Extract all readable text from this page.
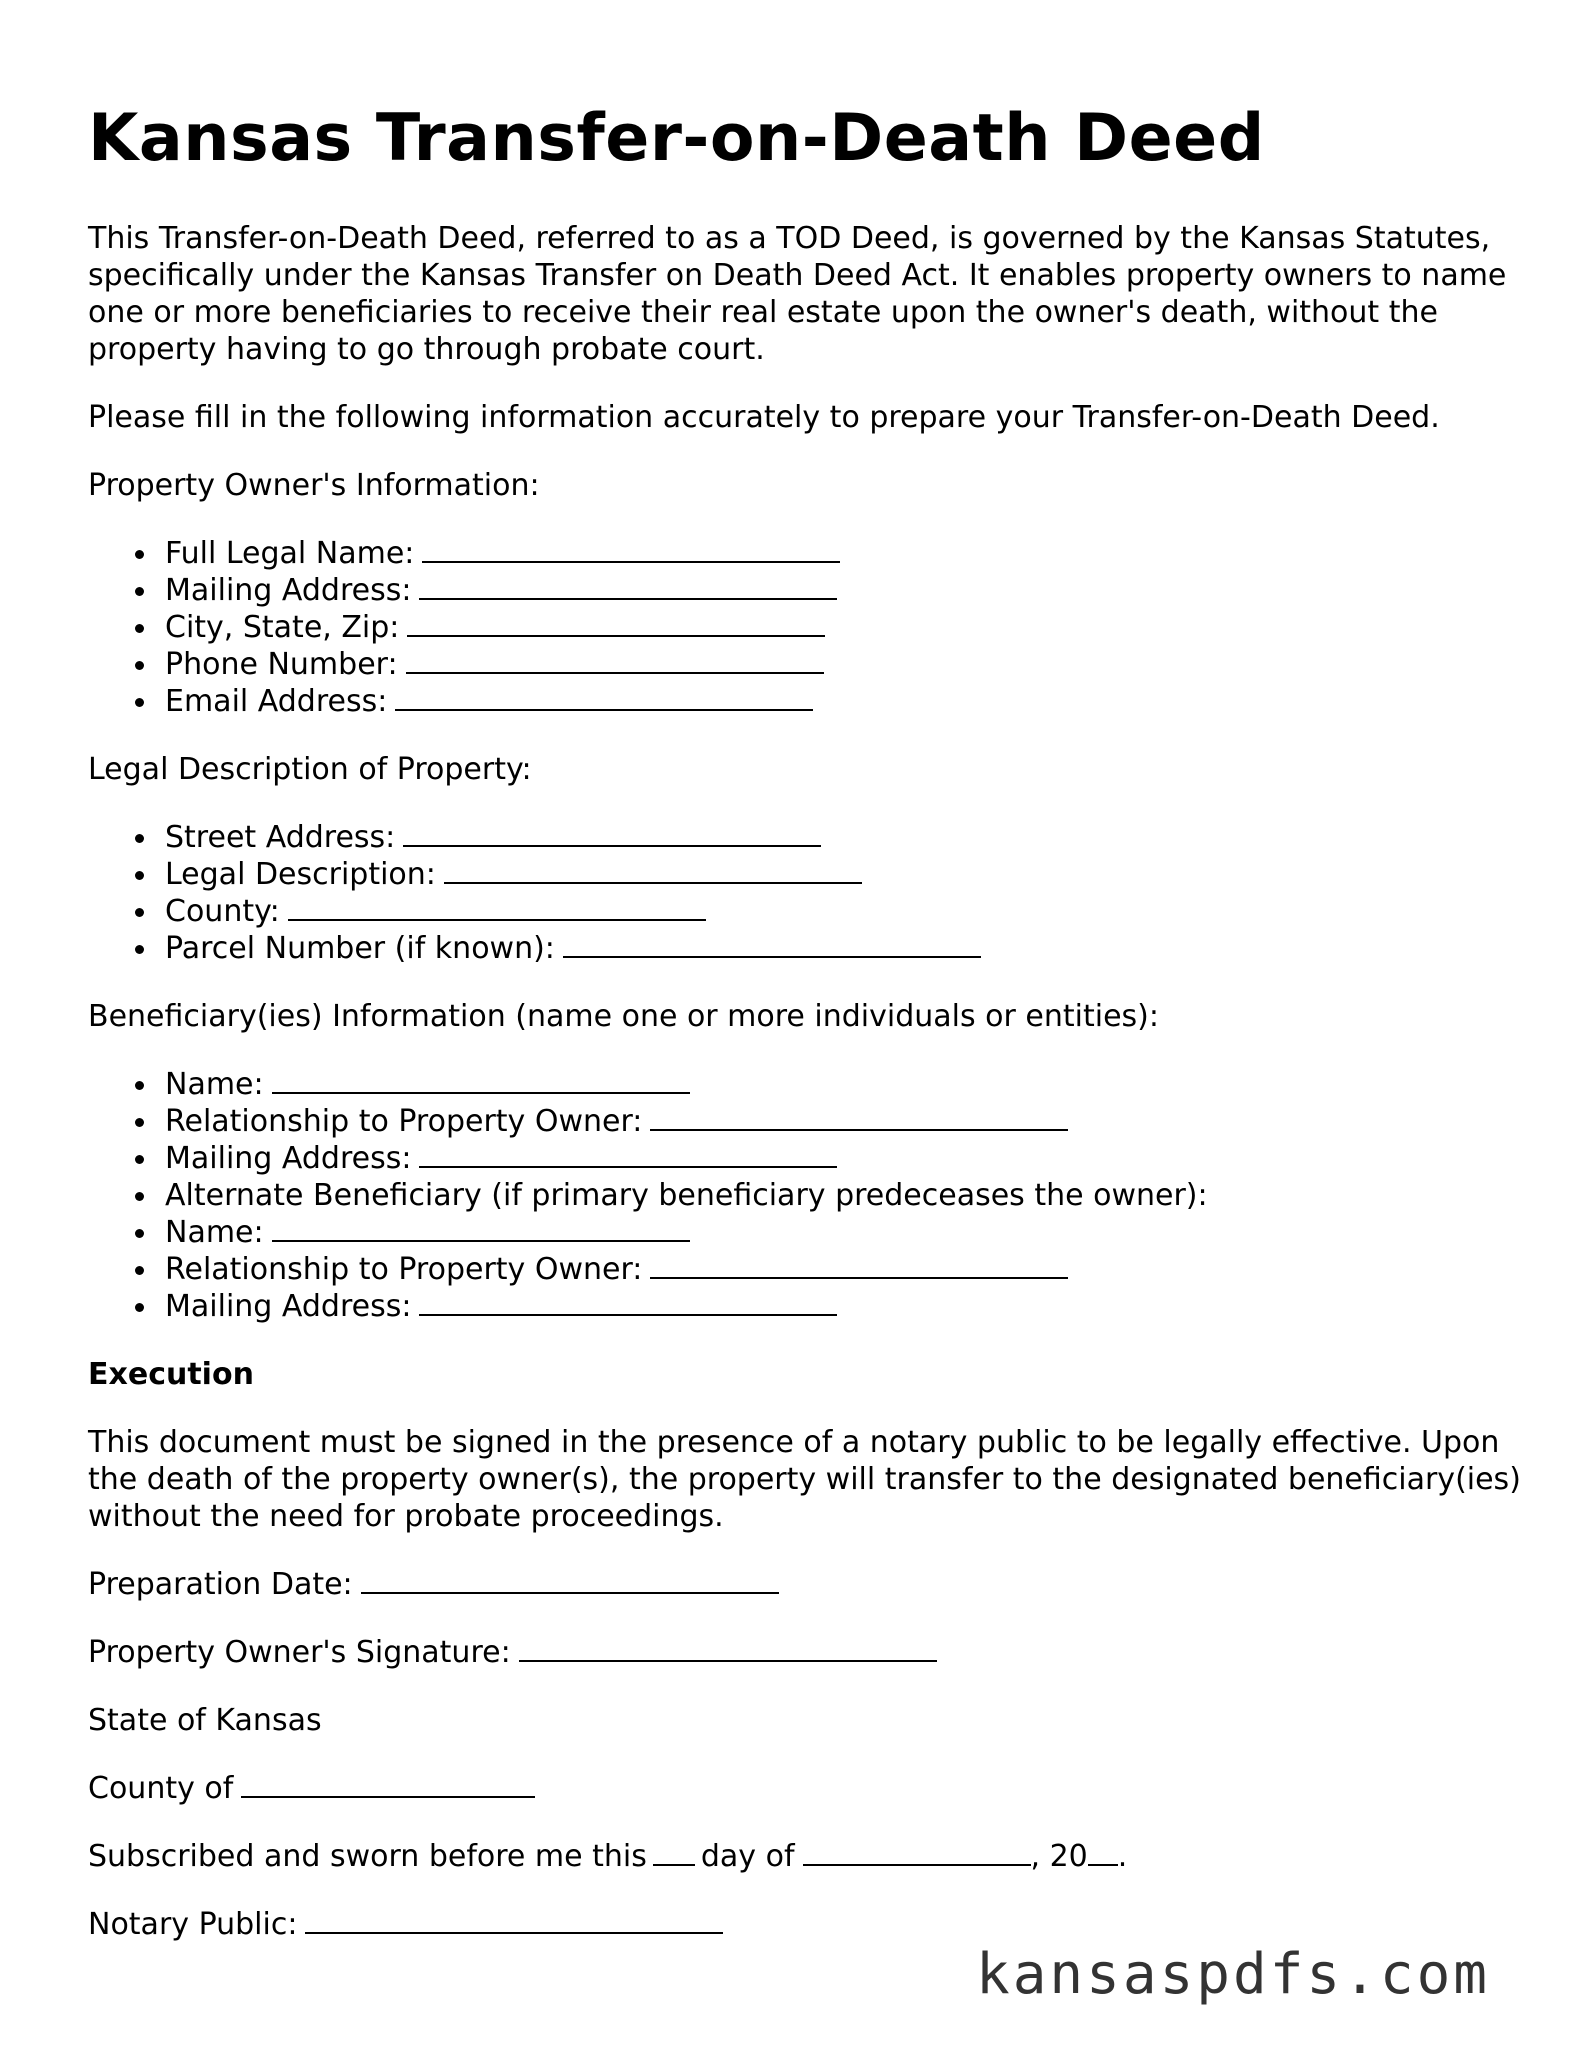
Kansas Transfer-on-Death Deed

This Transfer-on-Death Deed, referred to as a TOD Deed, is governed by the Kansas Statutes, specifically under the Kansas Transfer on Death Deed Act. It enables property owners to name one or more beneficiaries to receive their real estate upon the owner's death, without the property having to go through probate court.

Please fill in the following information accurately to prepare your Transfer-on-Death Deed.

Property Owner's Information:

Full Legal Name:
Mailing Address:
City, State, Zip:
Phone Number:
Email Address:

Legal Description of Property:

Street Address:
Legal Description:
County:
Parcel Number (if known):

Beneficiary(ies) Information (name one or more individuals or entities):

Name:
Relationship to Property Owner:
Mailing Address:
Alternate Beneficiary (if primary beneficiary predeceases the owner):
Name:
Relationship to Property Owner:
Mailing Address:
Execution

This document must be signed in the presence of a notary public to be legally effective. Upon the death of the property owner(s), the property will transfer to the designated beneficiary(ies) without the need for probate proceedings.

Preparation Date:

Property Owner's Signature:

State of Kansas

County of

Subscribed and sworn before me this day of	, 20 .

Notary Public:

kansaspdfs.com
